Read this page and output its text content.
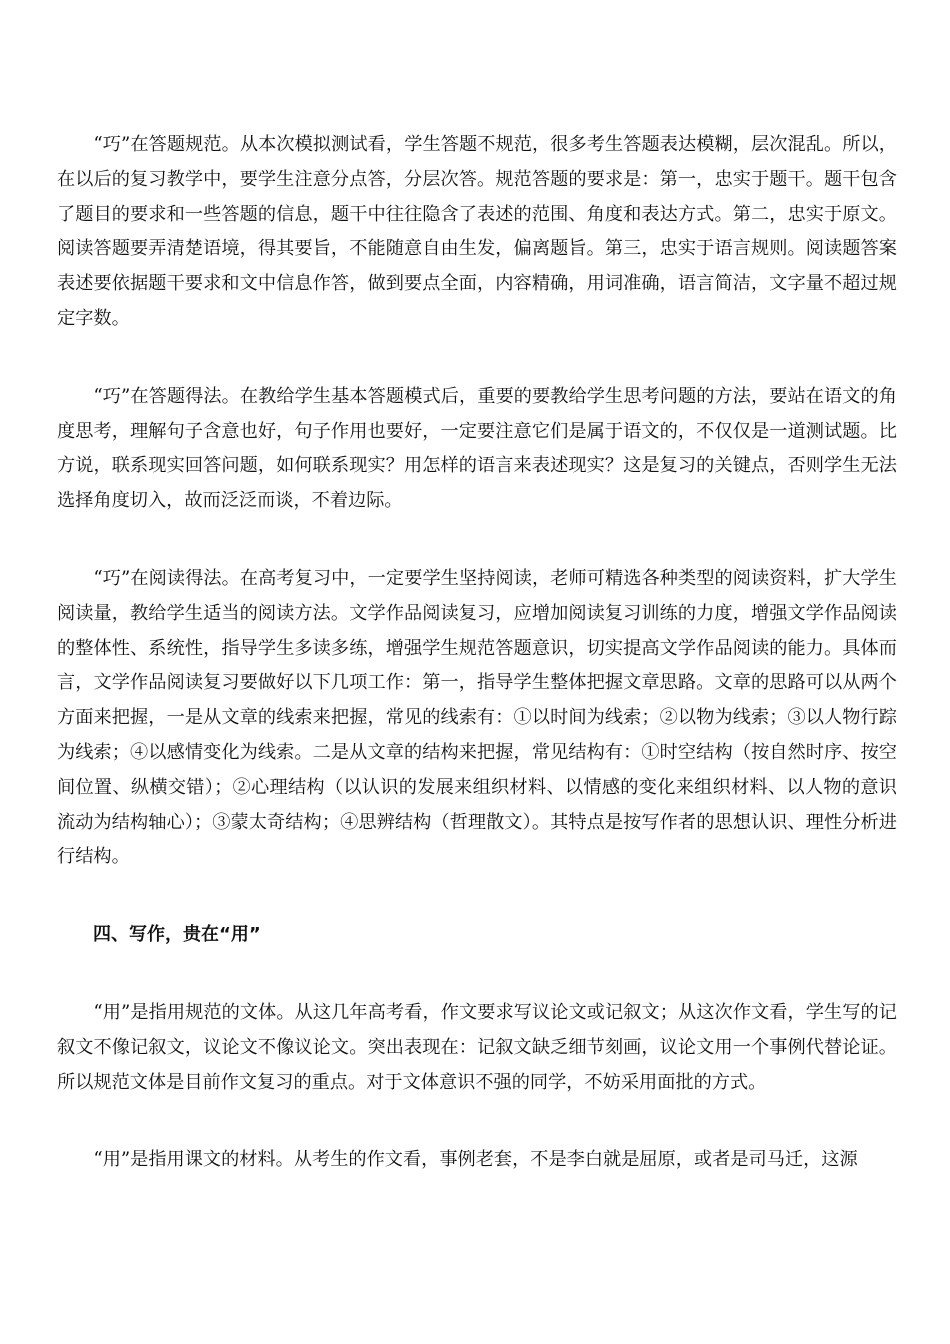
“巧”在答题规范。从本次模拟测试看，学生答题不规范，很多考生答题表达模糊，层次混乱。所以，在以后的复习教学中，要学生注意分点答，分层次答。规范答题的要求是：第一，忠实于题干。题干包含了题目的要求和一些答题的信息，题干中往往隐含了表述的范围、角度和表达方式。第二，忠实于原文。阅读答题要弄清楚语境，得其要旨，不能随意自由生发，偏离题旨。第三，忠实于语言规则。阅读题答案表述要依据题干要求和文中信息作答，做到要点全面，内容精确，用词准确，语言简洁，文字量不超过规定字数。

“巧”在答题得法。在教给学生基本答题模式后，重要的要教给学生思考问题的方法，要站在语文的角度思考，理解句子含意也好，句子作用也要好，一定要注意它们是属于语文的，不仅仅是一道测试题。比方说，联系现实回答问题，如何联系现实？用怎样的语言来表述现实？这是复习的关键点，否则学生无法选择角度切入，故而泛泛而谈，不着边际。

“巧”在阅读得法。在高考复习中，一定要学生坚持阅读，老师可精选各种类型的阅读资料，扩大学生阅读量，教给学生适当的阅读方法。文学作品阅读复习，应增加阅读复习训练的力度，增强文学作品阅读的整体性、系统性，指导学生多读多练，增强学生规范答题意识，切实提高文学作品阅读的能力。具体而言，文学作品阅读复习要做好以下几项工作：第一，指导学生整体把握文章思路。文章的思路可以从两个方面来把握，一是从文章的线索来把握，常见的线索有：①以时间为线索；②以物为线索；③以人物行踪为线索；④以感情变化为线索。二是从文章的结构来把握，常见结构有：①时空结构（按自然时序、按空间位置、纵横交错）；②心理结构（以认识的发展来组织材料、以情感的变化来组织材料、以人物的意识流动为结构轴心）；③蒙太奇结构；④思辨结构（哲理散文）。其特点是按写作者的思想认识、理性分析进行结构。

四、写作，贵在“用”

“用”是指用规范的文体。从这几年高考看，作文要求写议论文或记叙文；从这次作文看，学生写的记叙文不像记叙文，议论文不像议论文。突出表现在：记叙文缺乏细节刻画，议论文用一个事例代替论证。所以规范文体是目前作文复习的重点。对于文体意识不强的同学，不妨采用面批的方式。

“用”是指用课文的材料。从考生的作文看，事例老套，不是李白就是屈原，或者是司马迁，这源
